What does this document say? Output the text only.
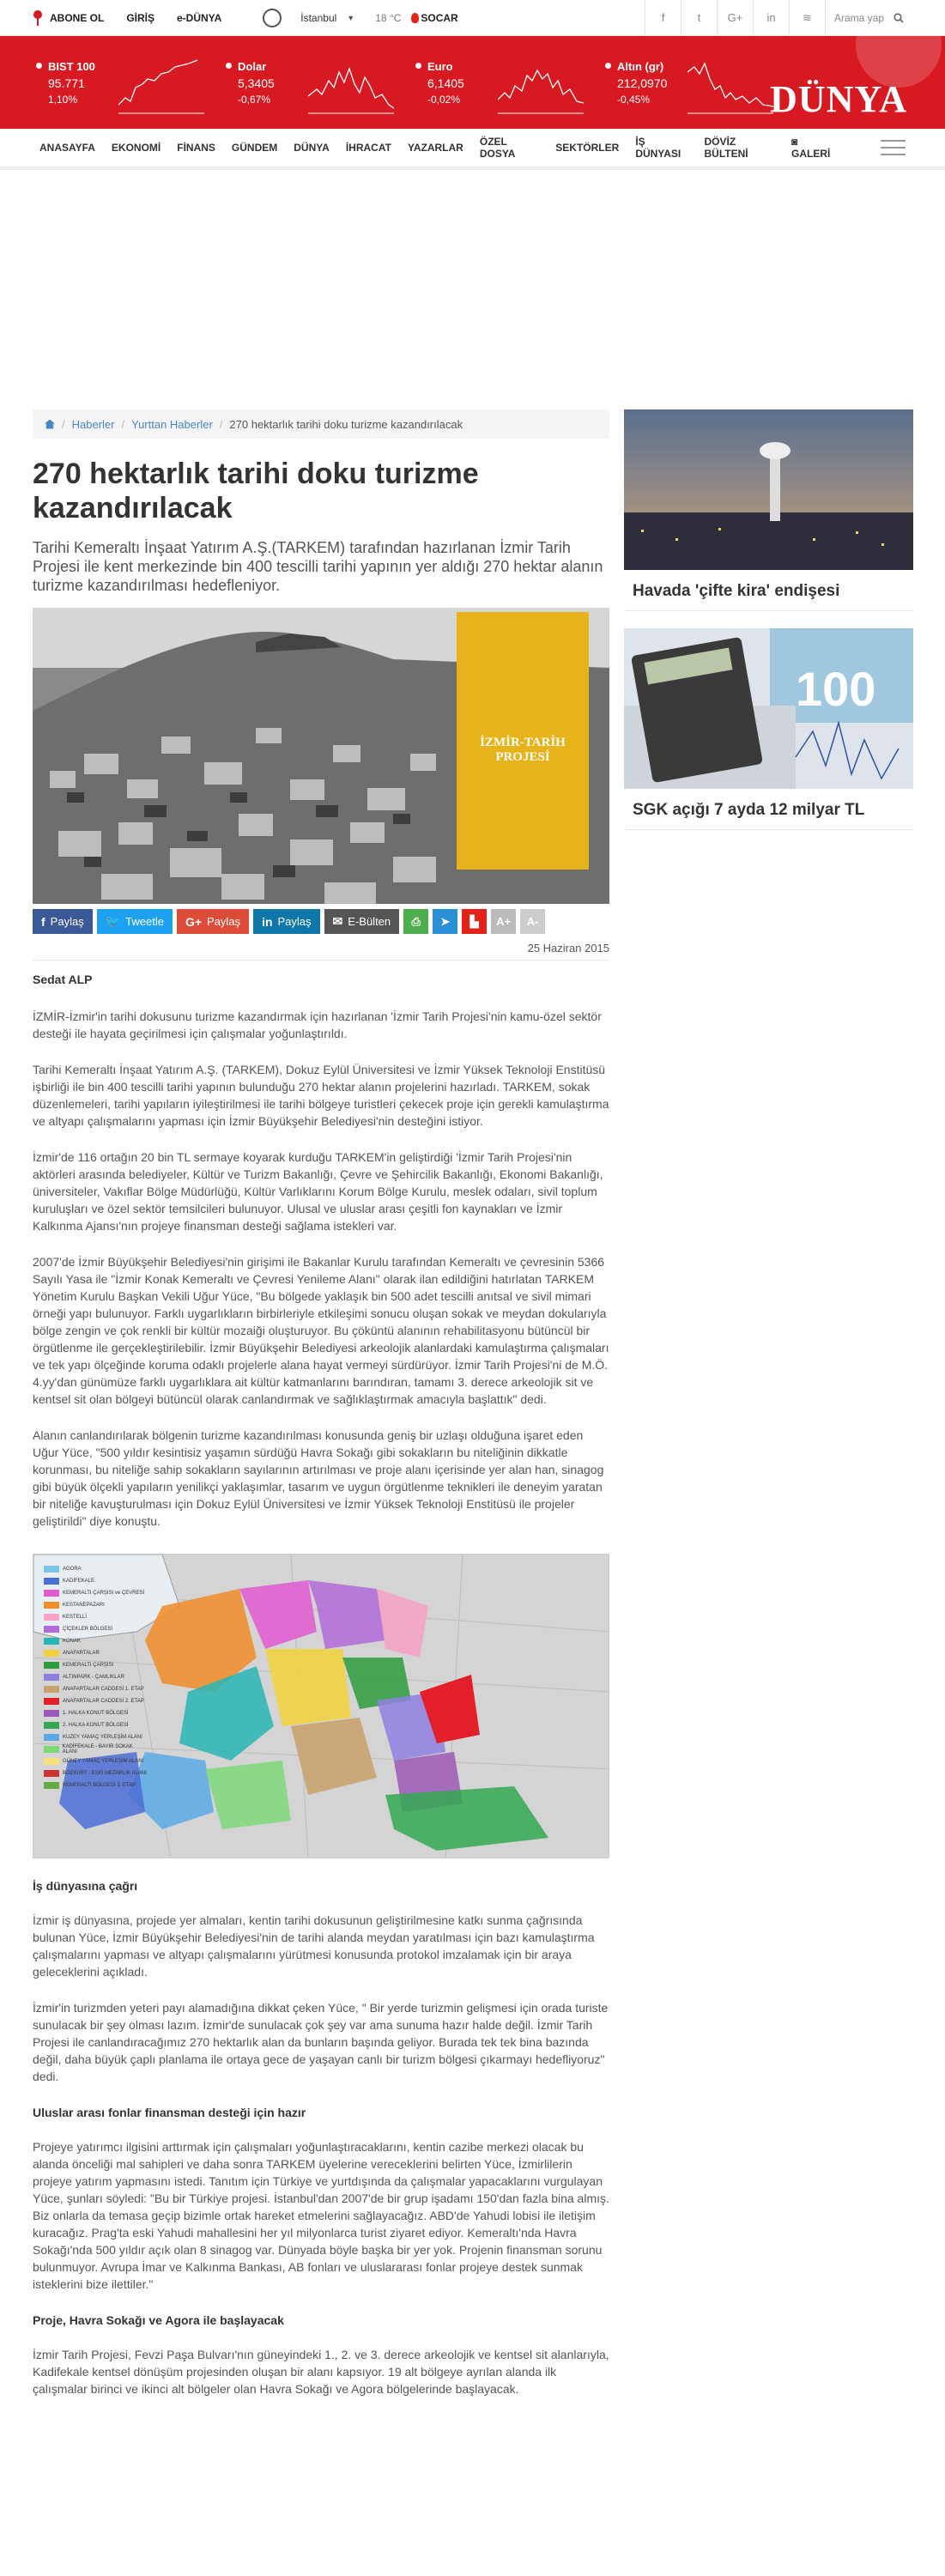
ABONE OL GİRİŞ e-DÜNYA	İstanbul ▼ 18 °C SOCAR	f	t	G+	in	≋	Arama yap
BIST 100
95.771
1,10%
Dolar
5,3405
-0,67%
Euro
6,1405
-0,02%
Altın (gr)
212,0970
-0,45%	DÜNYA
ANASAYFA EKONOMİ FİNANS GÜNDEM DÜNYA İHRACAT YAZARLAR ÖZEL DOSYA	SEKTÖRLER İŞ DÜNYASI
DÖVİZ BÜLTENİ
◙ GALERİ
/ Haberler / Yurttan Haberler / 270 hektarlık tarihi doku turizme kazandırılacak
270 hektarlık tarihi doku turizme kazandırılacak

Tarihi Kemeraltı İnşaat Yatırım A.Ş.(TARKEM) tarafından hazırlanan İzmir Tarih Projesi ile kent merkezinde bin 400 tescilli tarihi yapının yer aldığı 270 hektar alanın turizme kazandırılması hedefleniyor.

İZMİR-TARİH PROJESİ
f Paylaş 🐦 Tweetle G+ Paylaş in Paylaş ✉ E-Bülten	⎙	➤	▙	A+	A-
25 Haziran 2015
Sedat ALP

İZMİR-İzmir'in tarihi dokusunu turizme kazandırmak için hazırlanan 'İzmir Tarih Projesi'nin kamu-özel sektör desteği ile hayata geçirilmesi için çalışmalar yoğunlaştırıldı.

Tarihi Kemeraltı İnşaat Yatırım A.Ş. (TARKEM), Dokuz Eylül Üniversitesi ve İzmir Yüksek Teknoloji Enstitüsü işbirliği ile bin 400 tescilli tarihi yapının bulunduğu 270 hektar alanın projelerini hazırladı. TARKEM, sokak düzenlemeleri, tarihi yapıların iyileştirilmesi ile tarihi bölgeye turistleri çekecek proje için gerekli kamulaştırma ve altyapı çalışmalarını yapması için İzmir Büyükşehir Belediyesi'nin desteğini istiyor.

İzmir'de 116 ortağın 20 bin TL sermaye koyarak kurduğu TARKEM'in geliştirdiği 'İzmir Tarih Projesi'nin aktörleri arasında belediyeler, Kültür ve Turizm Bakanlığı, Çevre ve Şehircilik Bakanlığı, Ekonomi Bakanlığı, üniversiteler, Vakıflar Bölge Müdürlüğü, Kültür Varlıklarını Korum Bölge Kurulu, meslek odaları, sivil toplum kuruluşları ve özel sektör temsilcileri bulunuyor. Ulusal ve uluslar arası çeşitli fon kaynakları ve İzmir Kalkınma Ajansı'nın projeye finansman desteği sağlama istekleri var.

2007'de İzmir Büyükşehir Belediyesi'nin girişimi ile Bakanlar Kurulu tarafından Kemeraltı ve çevresinin 5366 Sayılı Yasa ile "İzmir Konak Kemeraltı ve Çevresi Yenileme Alanı" olarak ilan edildiğini hatırlatan TARKEM Yönetim Kurulu Başkan Vekili Uğur Yüce, "Bu bölgede yaklaşık bin 500 adet tescilli anıtsal ve sivil mimari örneği yapı bulunuyor. Farklı uygarlıkların birbirleriyle etkileşimi sonucu oluşan sokak ve meydan dokularıyla bölge zengin ve çok renkli bir kültür mozaiği oluşturuyor. Bu çöküntü alanının rehabilitasyonu bütüncül bir örgütlenme ile gerçekleştirilebilir. İzmir Büyükşehir Belediyesi arkeolojik alanlardaki kamulaştırma çalışmaları ve tek yapı ölçeğinde koruma odaklı projelerle alana hayat vermeyi sürdürüyor. İzmir Tarih Projesi'ni de M.Ö. 4.yy'dan günümüze farklı uygarlıklara ait kültür katmanlarını barındıran, tamamı 3. derece arkeolojik sit ve kentsel sit olan bölgeyi bütüncül olarak canlandırmak ve sağlıklaştırmak amacıyla başlattık" dedi.

Alanın canlandırılarak bölgenin turizme kazandırılması konusunda geniş bir uzlaşı olduğuna işaret eden Uğur Yüce, "500 yıldır kesintisiz yaşamın sürdüğü Havra Sokağı gibi sokakların bu niteliğinin dikkatle korunması, bu niteliğe sahip sokakların sayılarının artırılması ve proje alanı içerisinde yer alan han, sinagog gibi büyük ölçekli yapıların yenilikçi yaklaşımlar, tasarım ve uygun örgütlenme teknikleri ile deneyim yaratan bir niteliğe kavuşturulması için Dokuz Eylül Üniversitesi ve İzmir Yüksek Teknoloji Enstitüsü ile projeler geliştirildi" diye konuştu.

AGORA
KADİFEKALE
KEMERALTI ÇARŞISI ve ÇEVRESİ
KESTANEPAZARI
KESTELLİ
ÇİÇEKLER BÖLGESİ
KONAK
ANAFARTALAR
KEMERALTI ÇARŞISI
ALTINPARK - ÇAMLIKLAR
ANAFARTALAR CADDESİ 1. ETAP
ANAFARTALAR CADDESİ 2. ETAP
1. HALKA KONUT BÖLGESİ
2. HALKA KONUT BÖLGESİ
KUZEY YAMAÇ YERLEŞİM ALANI
KADİFEKALE - BAYIR SOKAK ALANI
GÜNEY YAMAÇ YERLEŞİM ALANI
BOZKURT - ESKİ MEZARLIK ALANI
KEMERALTI BÖLGESİ 3. ETAP
İş dünyasına çağrı

İzmir iş dünyasına, projede yer almaları, kentin tarihi dokusunun geliştirilmesine katkı sunma çağrısında bulunan Yüce, İzmir Büyükşehir Belediyesi'nin de tarihi alanda meydan yaratılması için bazı kamulaştırma çalışmalarını yapması ve altyapı çalışmalarını yürütmesi konusunda protokol imzalamak için bir araya geleceklerini açıkladı.

İzmir'in turizmden yeteri payı alamadığına dikkat çeken Yüce, " Bir yerde turizmin gelişmesi için orada turiste sunulacak bir şey olması lazım. İzmir'de sunulacak çok şey var ama sunuma hazır halde değil. İzmir Tarih Projesi ile canlandıracağımız 270 hektarlık alan da bunların başında geliyor. Burada tek tek bina bazında değil, daha büyük çaplı planlama ile ortaya gece de yaşayan canlı bir turizm bölgesi çıkarmayı hedefliyoruz" dedi.

Uluslar arası fonlar finansman desteği için hazır

Projeye yatırımcı ilgisini arttırmak için çalışmaları yoğunlaştıracaklarını, kentin cazibe merkezi olacak bu alanda önceliği mal sahipleri ve daha sonra TARKEM üyelerine vereceklerini belirten Yüce, İzmirlilerin projeye yatırım yapmasını istedi. Tanıtım için Türkiye ve yurtdışında da çalışmalar yapacaklarını vurgulayan Yüce, şunları söyledi: "Bu bir Türkiye projesi. İstanbul'dan 2007'de bir grup işadamı 150'dan fazla bina almış. Biz onlarla da temasa geçip bizimle ortak hareket etmelerini sağlayacağız. ABD'de Yahudi lobisi ile iletişim kuracağız. Prag'ta eski Yahudi mahallesini her yıl milyonlarca turist ziyaret ediyor. Kemeraltı'nda Havra Sokağı'nda 500 yıldır açık olan 8 sinagog var. Dünyada böyle başka bir yer yok. Projenin finansman sorunu bulunmuyor. Avrupa İmar ve Kalkınma Bankası, AB fonları ve uluslararası fonlar projeye destek sunmak isteklerini bize ilettiler."

Proje, Havra Sokağı ve Agora ile başlayacak

İzmir Tarih Projesi, Fevzi Paşa Bulvarı'nın güneyindeki 1., 2. ve 3. derece arkeolojik ve kentsel sit alanlarıyla, Kadifekale kentsel dönüşüm projesinden oluşan bir alanı kapsıyor. 19 alt bölgeye ayrılan alanda ilk çalışmalar birinci ve ikinci alt bölgeler olan Havra Sokağı ve Agora bölgelerinde başlayacak.

Havada 'çifte kira' endişesi
100
SGK açığı 7 ayda 12 milyar TL
